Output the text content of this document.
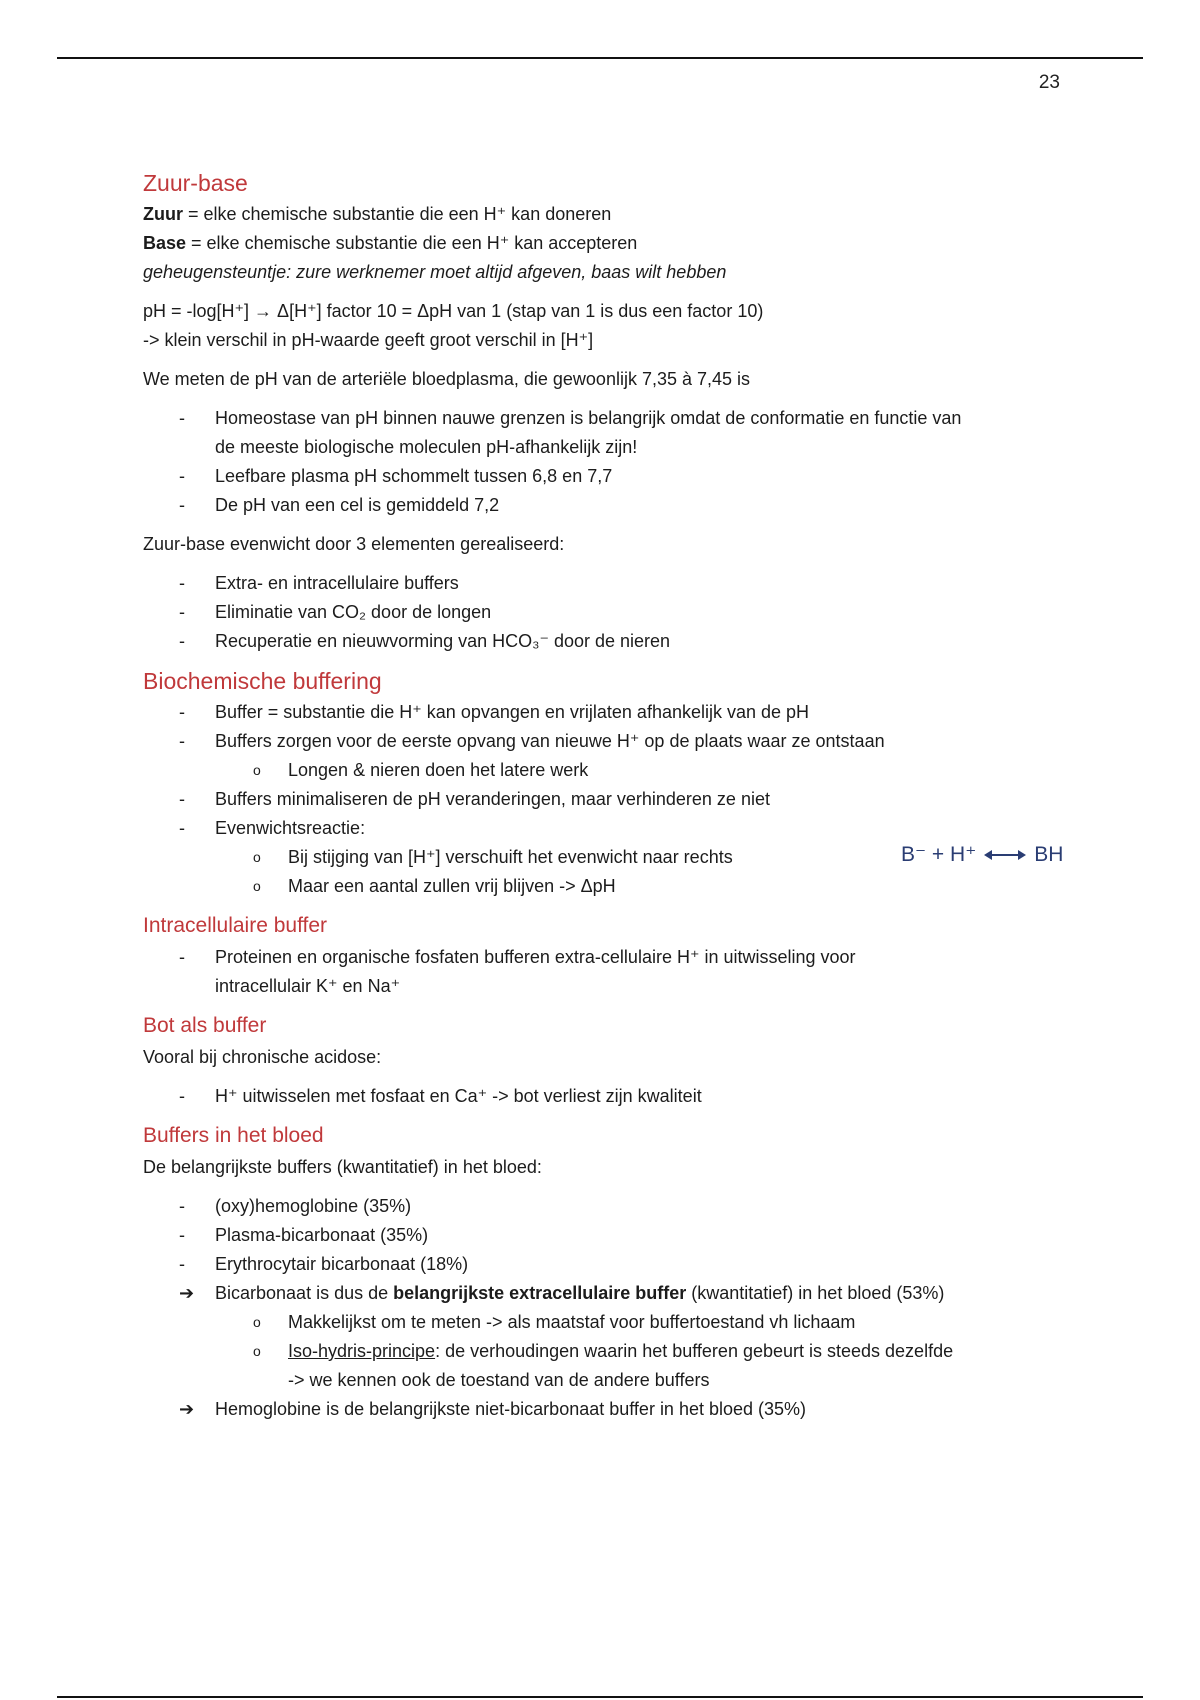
23
Zuur-base

Zuur = elke chemische substantie die een H⁺ kan doneren

Base = elke chemische substantie die een H⁺ kan accepteren

geheugensteuntje: zure werknemer moet altijd afgeven, baas wilt hebben

pH = -log[H⁺] → Δ[H⁺] factor 10 = ΔpH van 1 (stap van 1 is dus een factor 10)

-> klein verschil in pH-waarde geeft groot verschil in [H⁺]

We meten de pH van de arteriële bloedplasma, die gewoonlijk 7,35 à 7,45 is

- Homeostase van pH binnen nauwe grenzen is belangrijk omdat de conformatie en functie van
de meeste biologische moleculen pH-afhankelijk zijn!
- Leefbare plasma pH schommelt tussen 6,8 en 7,7
- De pH van een cel is gemiddeld 7,2

Zuur-base evenwicht door 3 elementen gerealiseerd:

- Extra- en intracellulaire buffers
- Eliminatie van CO₂ door de longen
- Recuperatie en nieuwvorming van HCO₃⁻ door de nieren
Biochemische buffering
- Buffer = substantie die H⁺ kan opvangen en vrijlaten afhankelijk van de pH
- Buffers zorgen voor de eerste opvang van nieuwe H⁺ op de plaats waar ze ontstaan
o Longen & nieren doen het latere werk
- Buffers minimaliseren de pH veranderingen, maar verhinderen ze niet
- Evenwichtsreactie:
o Bij stijging van [H⁺] verschuift het evenwicht naar rechts
o Maar een aantal zullen vrij blijven -> ΔpH
B⁻ + H⁺	BH
Intracellulaire buffer
- Proteinen en organische fosfaten bufferen extra-cellulaire H⁺ in uitwisseling voor
intracellulair K⁺ en Na⁺
Bot als buffer

Vooral bij chronische acidose:

- H⁺ uitwisselen met fosfaat en Ca⁺ -> bot verliest zijn kwaliteit
Buffers in het bloed

De belangrijkste buffers (kwantitatief) in het bloed:

- (oxy)hemoglobine (35%)
- Plasma-bicarbonaat (35%)
- Erythrocytair bicarbonaat (18%)
➔ Bicarbonaat is dus de belangrijkste extracellulaire buffer (kwantitatief) in het bloed (53%)
o Makkelijkst om te meten -> als maatstaf voor buffertoestand vh lichaam
o Iso-hydris-principe: de verhoudingen waarin het bufferen gebeurt is steeds dezelfde
-> we kennen ook de toestand van de andere buffers
➔ Hemoglobine is de belangrijkste niet-bicarbonaat buffer in het bloed (35%)
